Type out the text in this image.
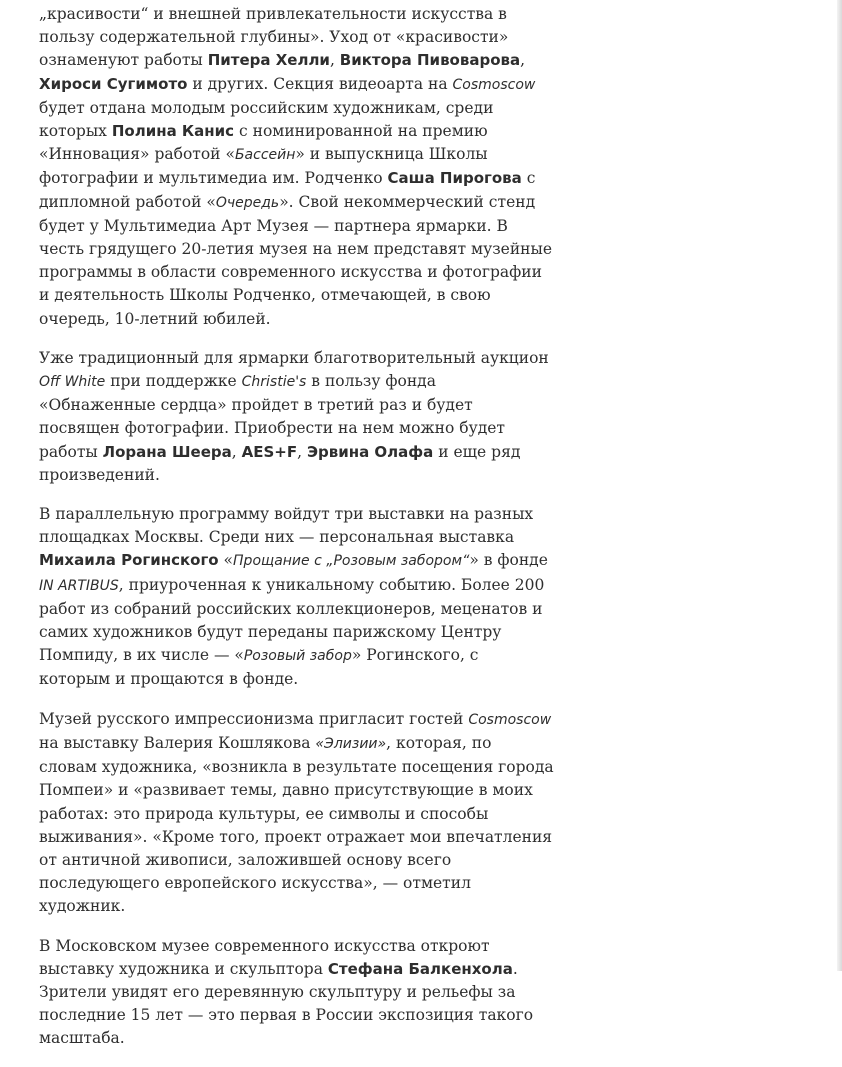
„красивости“ и внешней привлекательности искусства в пользу содержательной глубины». Уход от «красивости» ознаменуют работы Питера Хелли, Виктора Пивоварова, Хироси Сугимото и других. Секция видеоарта на Cosmoscow будет отдана молодым российским художникам, среди которых Полина Канис с номинированной на премию «Инновация» работой «Бассейн» и выпускница Школы фотографии и мультимедиа им. Родченко Саша Пирогова с дипломной работой «Очередь». Свой некоммерческий стенд будет у Мультимедиа Арт Музея — партнера ярмарки. В честь грядущего 20-летия музея на нем представят музейные программы в области современного искусства и фотографии и деятельность Школы Родченко, отмечающей, в свою очередь, 10-летний юбилей.

Уже традиционный для ярмарки благотворительный аукцион Off White при поддержке Christie's в пользу фонда «Обнаженные сердца» пройдет в третий раз и будет посвящен фотографии. Приобрести на нем можно будет работы Лорана Шеера, AES+F, Эрвина Олафа и еще ряд произведений.

В параллельную программу войдут три выставки на разных площадках Москвы. Среди них — персональная выставка Михаила Рогинского «Прощание с „Розовым забором“» в фонде IN ARTIBUS, приуроченная к уникальному событию. Более 200 работ из собраний российских коллекционеров, меценатов и самих художников будут переданы парижскому Центру Помпиду, в их числе — «Розовый забор» Рогинского, с которым и прощаются в фонде.

Музей русского импрессионизма пригласит гостей Cosmoscow на выставку Валерия Кошлякова «Элизии», которая, по словам художника, «возникла в результате посещения города Помпеи» и «развивает темы, давно присутствующие в моих работах: это природа культуры, ее символы и способы выживания». «Кроме того, проект отражает мои впечатления от античной живописи, заложившей основу всего последующего европейского искусства», — отметил художник.

В Московском музее современного искусства откроют выставку художника и скульптора Стефана Балкенхола. Зрители увидят его деревянную скульптуру и рельефы за последние 15 лет — это первая в России экспозиция такого масштаба.
